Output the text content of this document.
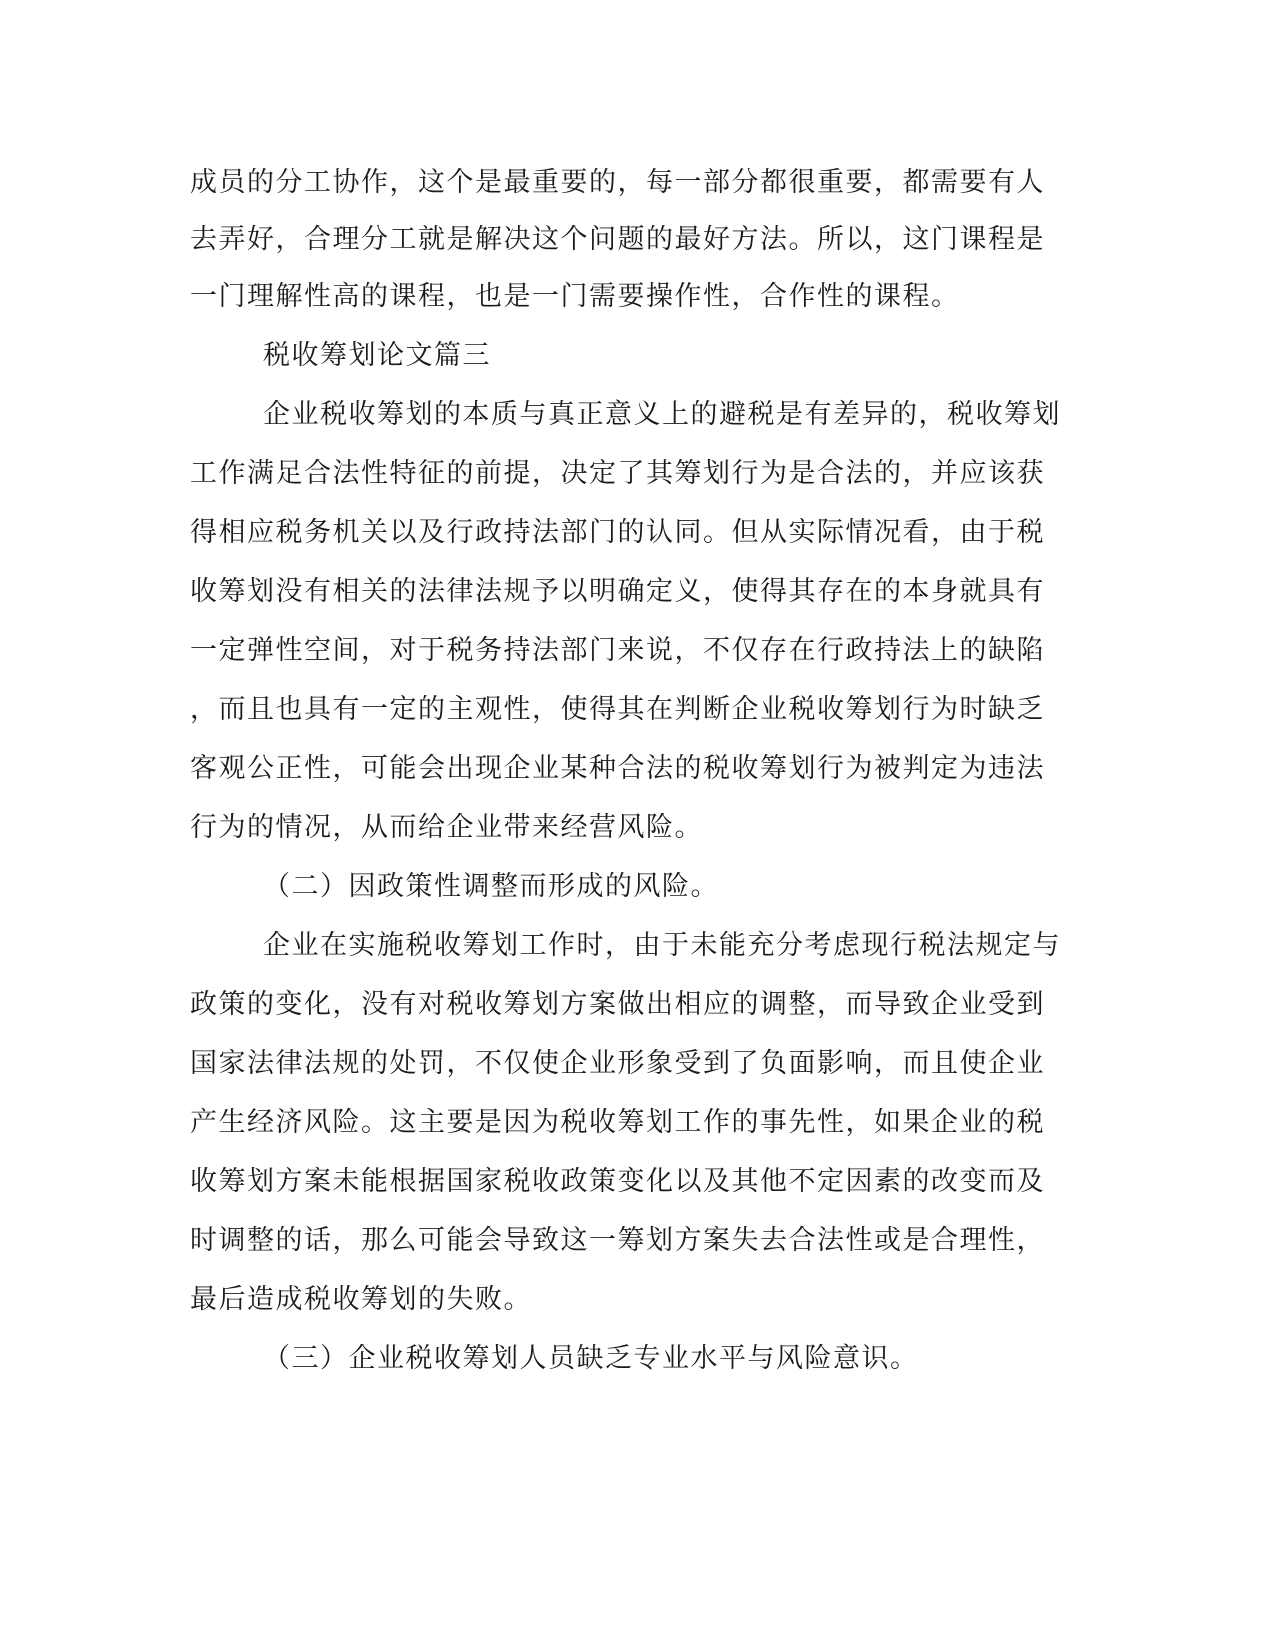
成员的分工协作，这个是最重要的，每一部分都很重要，都需要有人

去弄好，合理分工就是解决这个问题的最好方法。所以，这门课程是

一门理解性高的课程，也是一门需要操作性，合作性的课程。

税收筹划论文篇三

企业税收筹划的本质与真正意义上的避税是有差异的，税收筹划

工作满足合法性特征的前提，决定了其筹划行为是合法的，并应该获

得相应税务机关以及行政持法部门的认同。但从实际情况看，由于税

收筹划没有相关的法律法规予以明确定义，使得其存在的本身就具有

一定弹性空间，对于税务持法部门来说，不仅存在行政持法上的缺陷

，而且也具有一定的主观性，使得其在判断企业税收筹划行为时缺乏

客观公正性，可能会出现企业某种合法的税收筹划行为被判定为违法

行为的情况，从而给企业带来经营风险。

（二）因政策性调整而形成的风险。

企业在实施税收筹划工作时，由于未能充分考虑现行税法规定与

政策的变化，没有对税收筹划方案做出相应的调整，而导致企业受到

国家法律法规的处罚，不仅使企业形象受到了负面影响，而且使企业

产生经济风险。这主要是因为税收筹划工作的事先性，如果企业的税

收筹划方案未能根据国家税收政策变化以及其他不定因素的改变而及

时调整的话，那么可能会导致这一筹划方案失去合法性或是合理性，

最后造成税收筹划的失败。

（三）企业税收筹划人员缺乏专业水平与风险意识。
